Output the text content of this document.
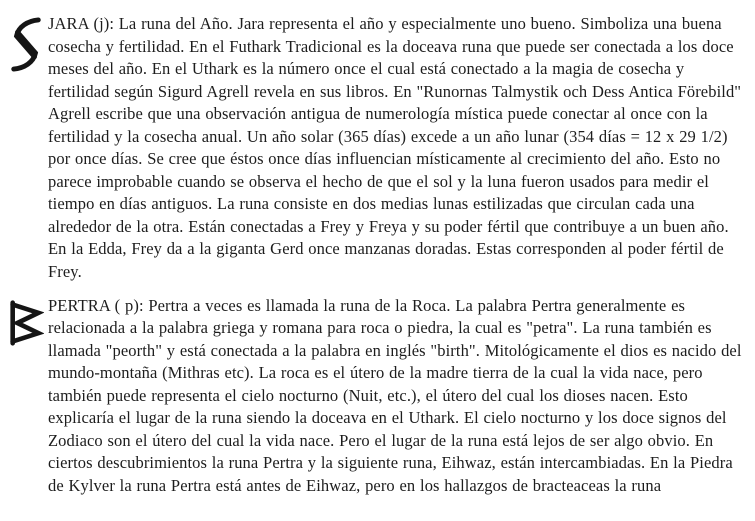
JARA (j): La runa del Año. Jara representa el año y especialmente uno bueno. Simboliza una buena cosecha y fertilidad. En el Futhark Tradicional es la doceava runa que puede ser conectada a los doce meses del año. En el Uthark es la número once el cual está conectado a la magia de cosecha y fertilidad según Sigurd Agrell revela en sus libros. En "Runornas Talmystik och Dess Antica Förebild" Agrell escribe que una observación antigua de numerología mística puede conectar al once con la fertilidad y la cosecha anual. Un año solar (365 días) excede a un año lunar (354 días = 12 x 29 1/2) por once días. Se cree que éstos once días influencian místicamente al crecimiento del año. Esto no parece improbable cuando se observa el hecho de que el sol y la luna fueron usados para medir el tiempo en días antiguos. La runa consiste en dos medias lunas estilizadas que circulan cada una alrededor de la otra. Están conectadas a Frey y Freya y su poder fértil que contribuye a un buen año. En la Edda, Frey da a la giganta Gerd once manzanas doradas. Estas corresponden al poder fértil de Frey.

PERTRA ( p): Pertra a veces es llamada la runa de la Roca. La palabra Pertra generalmente es relacionada a la palabra griega y romana para roca o piedra, la cual es "petra". La runa también es llamada "peorth" y está conectada a la palabra en inglés "birth". Mitológicamente el dios es nacido del mundo-montaña (Mithras etc). La roca es el útero de la madre tierra de la cual la vida nace, pero también puede representa el cielo nocturno (Nuit, etc.), el útero del cual los dioses nacen. Esto explicaría el lugar de la runa siendo la doceava en el Uthark. El cielo nocturno y los doce signos del Zodiaco son el útero del cual la vida nace. Pero el lugar de la runa está lejos de ser algo obvio. En ciertos descubrimientos la runa Pertra y la siguiente runa, Eihwaz, están intercambiadas. En la Piedra de Kylver la runa Pertra está antes de Eihwaz, pero en los hallazgos de bracteaceas la runa
